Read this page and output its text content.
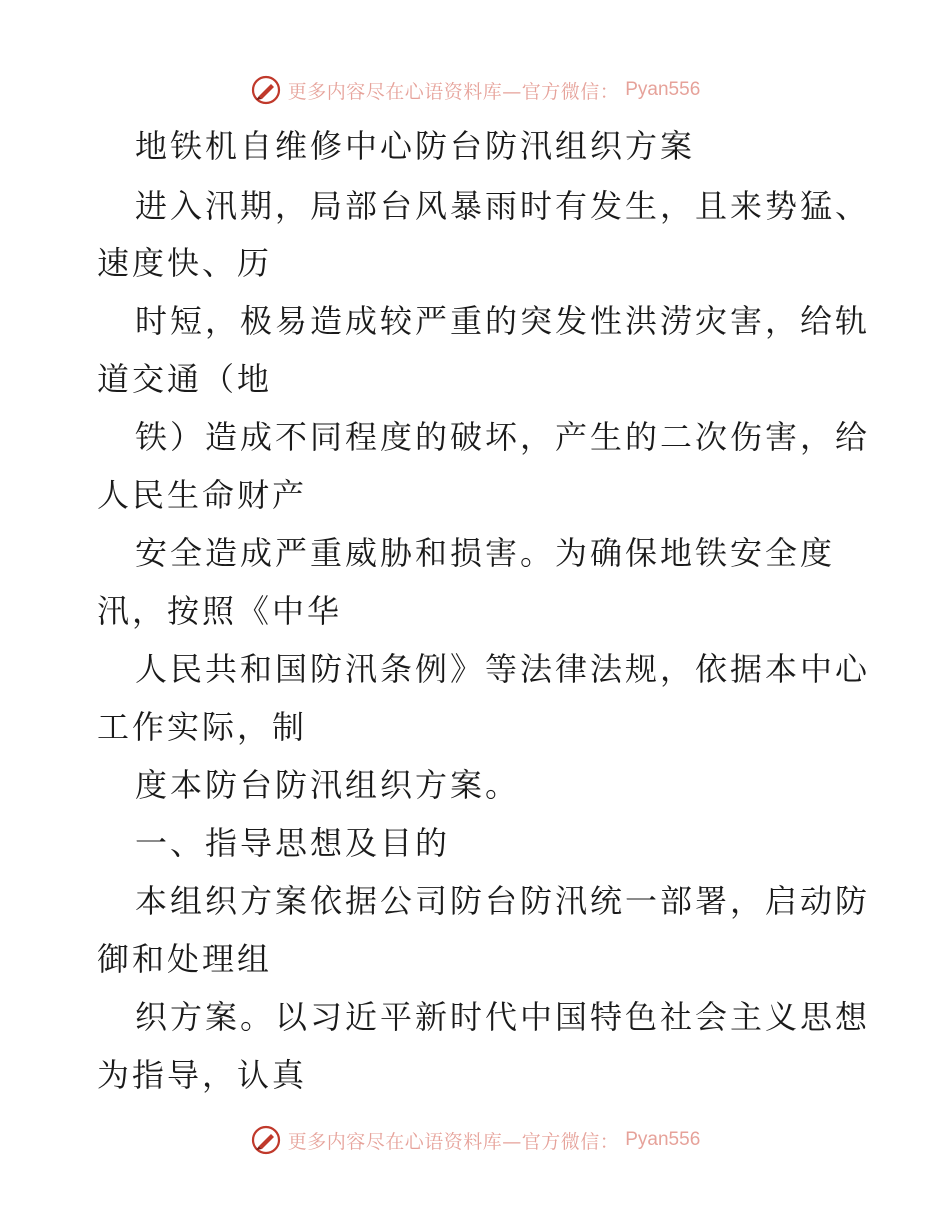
更多内容尽在心语资料库—官方微信： Pyan556
地铁机自维修中心防台防汛组织方案
进入汛期，局部台风暴雨时有发生，且来势猛、
速度快、历
时短，极易造成较严重的突发性洪涝灾害，给轨
道交通（地
铁）造成不同程度的破坏，产生的二次伤害，给
人民生命财产
安全造成严重威胁和损害。为确保地铁安全度
汛，按照《中华
人民共和国防汛条例》等法律法规，依据本中心
工作实际，制
度本防台防汛组织方案。
一、指导思想及目的
本组织方案依据公司防台防汛统一部署，启动防
御和处理组
织方案。以习近平新时代中国特色社会主义思想
为指导，认真
更多内容尽在心语资料库—官方微信： Pyan556
